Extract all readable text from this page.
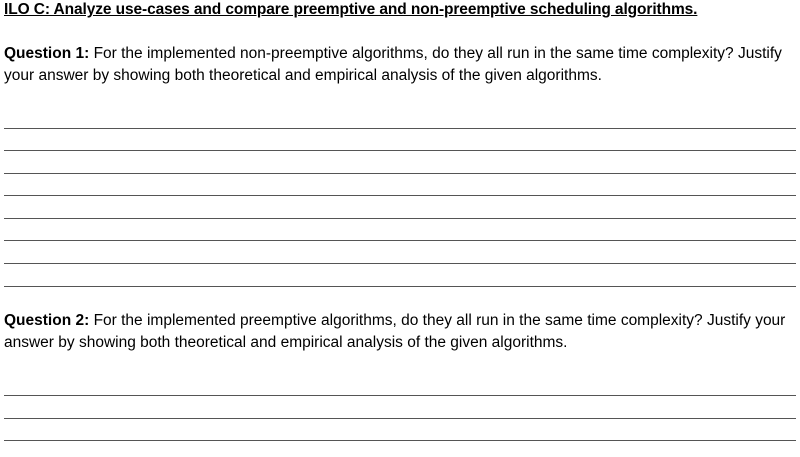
ILO C: Analyze use-cases and compare preemptive and non-preemptive scheduling algorithms.
Question 1: For the implemented non-preemptive algorithms, do they all run in the same time complexity? Justify your answer by showing both theoretical and empirical analysis of the given algorithms.
Question 2: For the implemented preemptive algorithms, do they all run in the same time complexity? Justify your answer by showing both theoretical and empirical analysis of the given algorithms.
